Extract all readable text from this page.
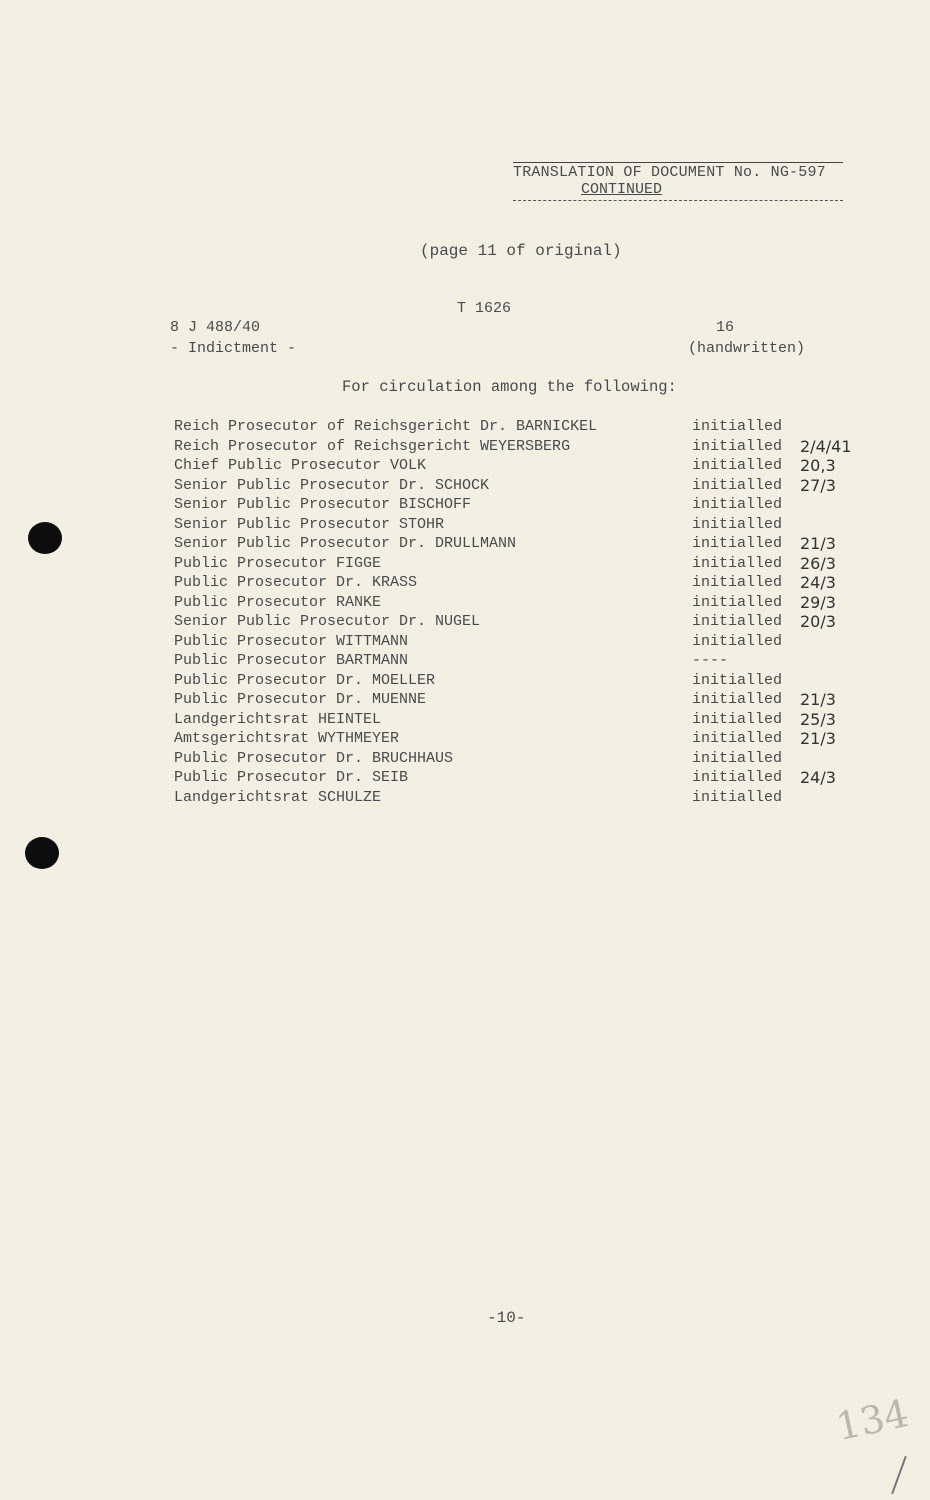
TRANSLATION OF DOCUMENT No. NG-597
CONTINUED
(page 11 of original)
T 1626
8 J 488/40
- Indictment -
16
(handwritten)
For circulation among the following:
Reich Prosecutor of Reichsgericht Dr. BARNICKEL	initialled
Reich Prosecutor of Reichsgericht WEYERSBERG	initialled 2/4/41
Chief Public Prosecutor VOLK	initialled 20,3
Senior Public Prosecutor Dr. SCHOCK	initialled 27/3
Senior Public Prosecutor BISCHOFF	initialled
Senior Public Prosecutor STOHR	initialled
Senior Public Prosecutor Dr. DRULLMANN	initialled 21/3
Public Prosecutor FIGGE	initialled 26/3
Public Prosecutor Dr. KRASS	initialled 24/3
Public Prosecutor RANKE	initialled 29/3
Senior Public Prosecutor Dr. NUGEL	initialled 20/3
Public Prosecutor WITTMANN	initialled
Public Prosecutor BARTMANN	----
Public Prosecutor Dr. MOELLER	initialled
Public Prosecutor Dr. MUENNE	initialled 21/3
Landgerichtsrat HEINTEL	initialled 25/3
Amtsgerichtsrat WYTHMEYER	initialled 21/3
Public Prosecutor Dr. BRUCHHAUS	initialled
Public Prosecutor Dr. SEIB	initialled 24/3
Landgerichtsrat SCHULZE	initialled
-10-
134
